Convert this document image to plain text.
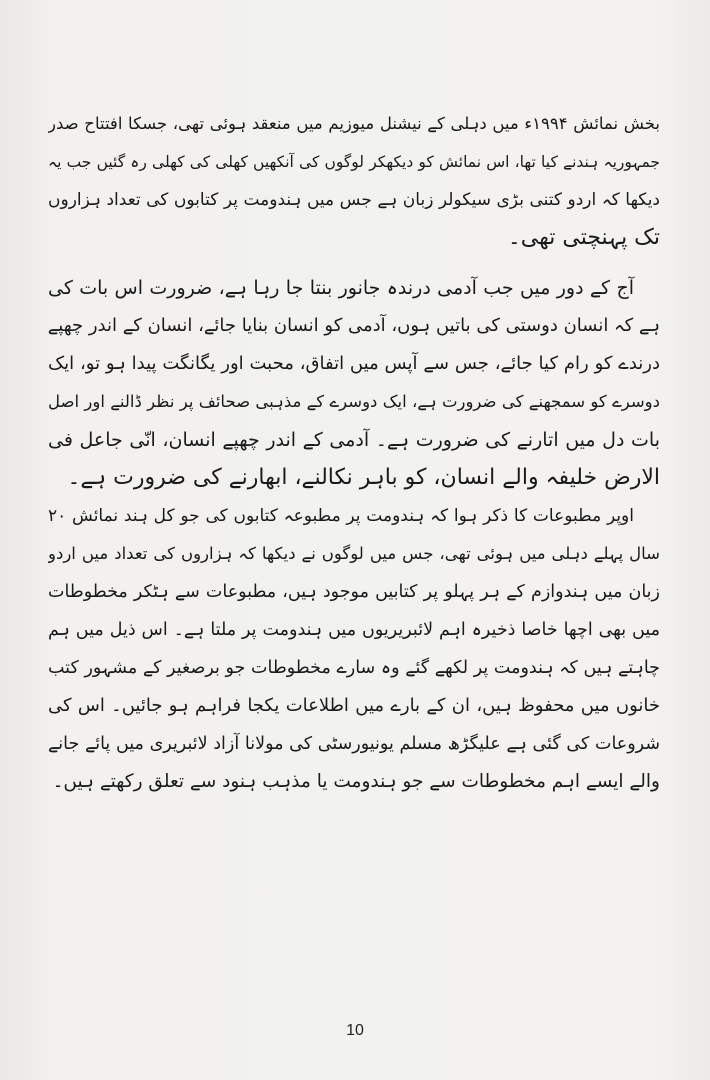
بخش نمائش ۱۹۹۴ء میں دہلی کے نیشنل میوزیم میں منعقد ہوئی تھی، جسکا افتتاح صدر
جمہوریہ ہندنے کیا تھا، اس نمائش کو دیکھکر لوگوں کی آنکھیں کھلی کی کھلی رہ گئیں جب یہ
دیکھا کہ اردو کتنی بڑی سیکولر زبان ہے جس میں ہندومت پر کتابوں کی تعداد ہزاروں
تک پہنچتی تھی۔
آج کے دور میں جب آدمی درندہ جانور بنتا جا رہا ہے، ضرورت اس بات کی
ہے کہ انسان دوستی کی باتیں ہوں، آدمی کو انسان بنایا جائے، انسان کے اندر چھپے
درندے کو رام کیا جائے، جس سے آپس میں اتفاق، محبت اور یگانگت پیدا ہو تو، ایک
دوسرے کو سمجھنے کی ضرورت ہے، ایک دوسرے کے مذہبی صحائف پر نظر ڈالنے اور اصل
بات دل میں اتارنے کی ضرورت ہے۔ آدمی کے اندر چھپے انسان، انّی جاعل فی
الارض خلیفہ والے انسان، کو باہر نکالنے، ابھارنے کی ضرورت ہے۔
اوپر مطبوعات کا ذکر ہوا کہ ہندومت پر مطبوعہ کتابوں کی جو کل ہند نمائش ۲۰
سال پہلے دہلی میں ہوئی تھی، جس میں لوگوں نے دیکھا کہ ہزاروں کی تعداد میں اردو
زبان میں ہندوازم کے ہر پہلو پر کتابیں موجود ہیں، مطبوعات سے ہٹکر مخطوطات
میں بھی اچھا خاصا ذخیرہ اہم لائبریریوں میں ہندومت پر ملتا ہے۔ اس ذیل میں ہم
چاہتے ہیں کہ ہندومت پر لکھے گئے وہ سارے مخطوطات جو برصغیر کے مشہور کتب
خانوں میں محفوظ ہیں، ان کے بارے میں اطلاعات یکجا فراہم ہو جائیں۔ اس کی
شروعات کی گئی ہے علیگڑھ مسلم یونیورسٹی کی مولانا آزاد لائبریری میں پائے جانے
والے ایسے اہم مخطوطات سے جو ہندومت یا مذہب ہنود سے تعلق رکھتے ہیں۔
10
